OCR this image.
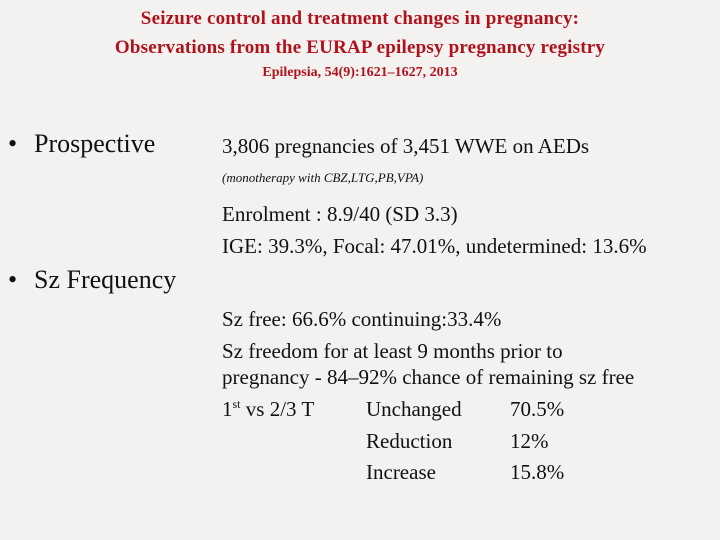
Seizure control and treatment changes in pregnancy:
Observations from the EURAP epilepsy pregnancy registry
Epilepsia, 54(9):1621–1627, 2013
• Prospective
• Sz Frequency
3,806 pregnancies of 3,451 WWE on AEDs
(monotherapy with CBZ,LTG,PB,VPA)
Enrolment : 8.9/40 (SD 3.3)
IGE: 39.3%, Focal: 47.01%, undetermined: 13.6%
Sz free: 66.6% continuing:33.4%
Sz freedom for at least 9 months prior to
pregnancy - 84–92% chance of remaining sz free
1st vs 2/3 T Unchanged 70.5%
Reduction	12%
Increase	15.8%
